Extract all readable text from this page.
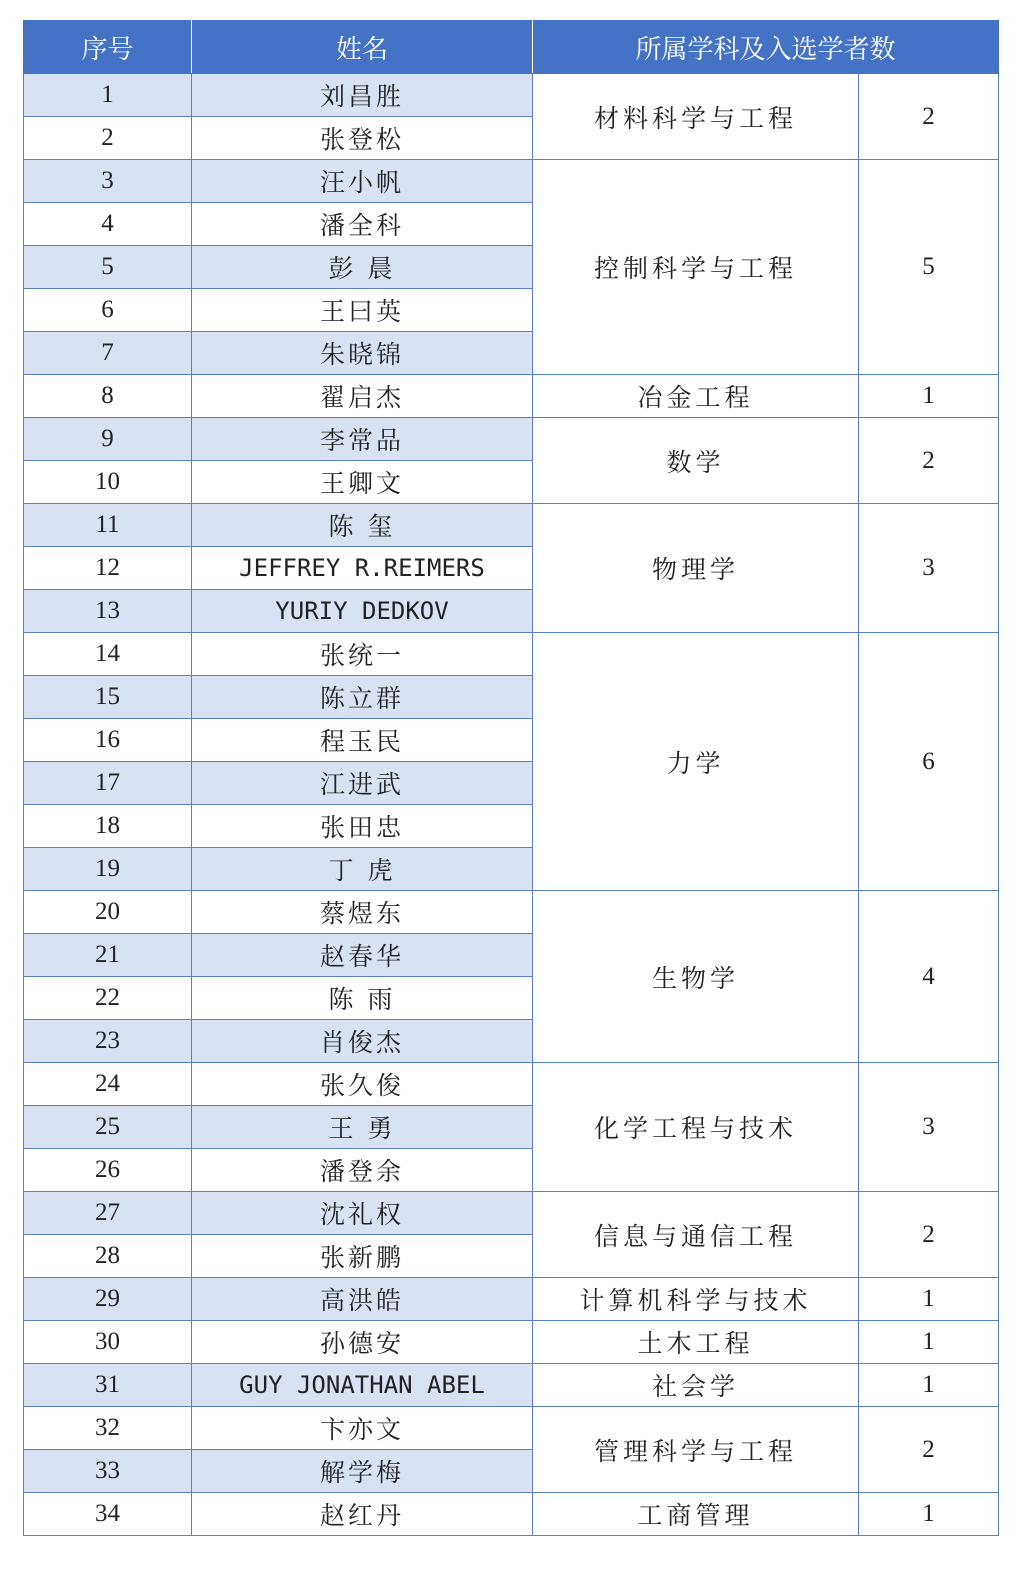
序号	姓名	所属学科及入选学者数	
1	刘昌胜	材料科学与工程	2
2	张登松		
3	汪小帆	控制科学与工程	5
4	潘全科		
5	彭 晨		
6	王曰英		
7	朱晓锦		
8	翟启杰	冶金工程	1
9	李常品	数学	2
10	王卿文		
11	陈 玺	物理学	3
12	JEFFREY R.REIMERS		
13	YURIY DEDKOV		
14	张统一	力学	6
15	陈立群		
16	程玉民		
17	江进武		
18	张田忠		
19	丁 虎		
20	蔡煜东	生物学	4
21	赵春华		
22	陈 雨		
23	肖俊杰		
24	张久俊	化学工程与技术	3
25	王 勇		
26	潘登余		
27	沈礼权	信息与通信工程	2
28	张新鹏		
29	高洪皓	计算机科学与技术	1
30	孙德安	土木工程	1
31	GUY JONATHAN ABEL	社会学	1
32	卞亦文	管理科学与工程	2
33	解学梅		
34	赵红丹	工商管理	1
